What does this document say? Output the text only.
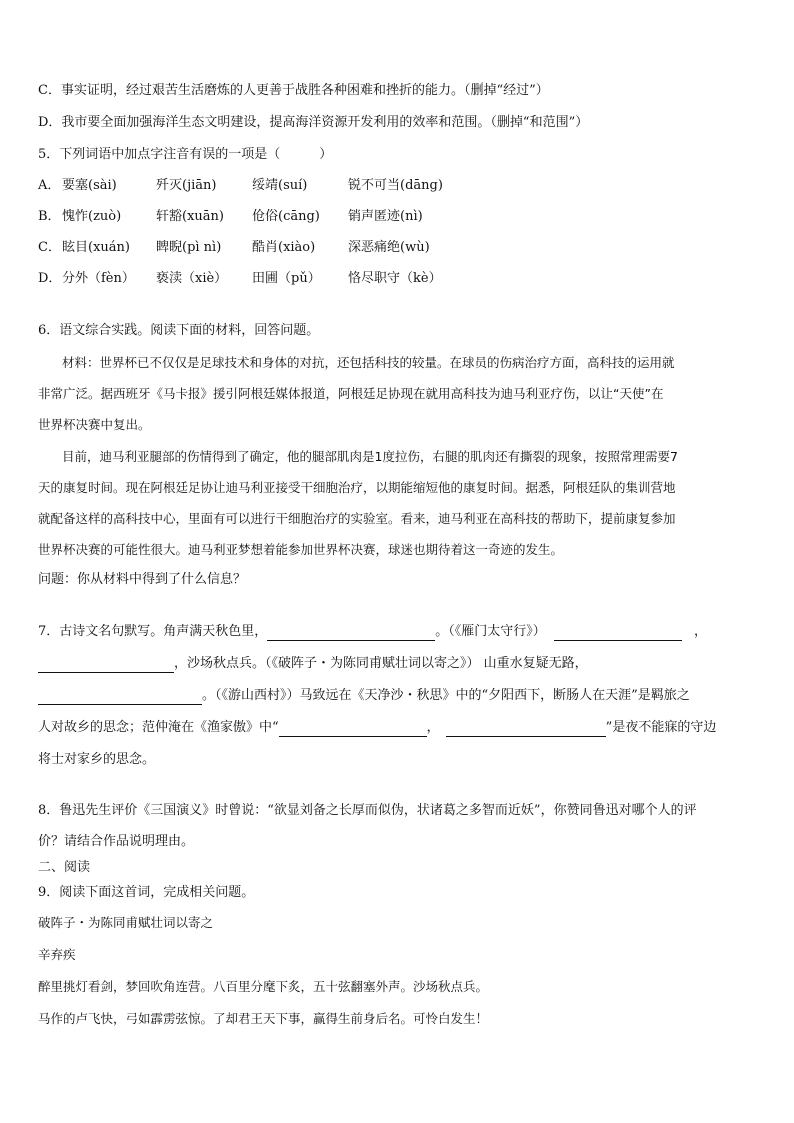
C．事实证明，经过艰苦生活磨炼的人更善于战胜各种困难和挫折的能力。（删掉“经过”）
D．我市要全面加强海洋生态文明建设，提高海洋资源开发利用的效率和范围。（删掉“和范围”）
5．下列词语中加点字注音有误的一项是（　　　）
A． 要塞(sài)	歼灭(jiān)	绥靖(suí)	锐不可当(dāng)
B．愧怍(zuò)	轩豁(xuān) 伧俗(cāng) 销声匿迹(nì)
C．眩目(xuán) 睥睨(pì nì) 酷肖(xiào)	深恶痛绝(wù)
D．分外（fèn） 亵渎（xiè） 田圃（pǔ） 恪尽职守（kè）
6．语文综合实践。阅读下面的材料，回答问题。
材料：世界杯已不仅仅是足球技术和身体的对抗，还包括科技的较量。在球员的伤病治疗方面，高科技的运用就
非常广泛。据西班牙《马卡报》援引阿根廷媒体报道，阿根廷足协现在就用高科技为迪马利亚疗伤，以让“天使”在
世界杯决赛中复出。
目前，迪马利亚腿部的伤情得到了确定，他的腿部肌肉是1度拉伤，右腿的肌肉还有撕裂的现象，按照常理需要7
天的康复时间。现在阿根廷足协让迪马利亚接受干细胞治疗，以期能缩短他的康复时间。据悉，阿根廷队的集训营地
就配备这样的高科技中心，里面有可以进行干细胞治疗的实验室。看来，迪马利亚在高科技的帮助下，提前康复参加
世界杯决赛的可能性很大。迪马利亚梦想着能参加世界杯决赛，球迷也期待着这一奇迹的发生。
问题：你从材料中得到了什么信息？
7．古诗文名句默写。角声满天秋色里，	。（《雁门太守行》）	，
，沙场秋点兵。（《破阵子・为陈同甫赋壮词以寄之》） 山重水复疑无路，
。（《游山西村》）马致远在《天净沙・秋思》中的“夕阳西下，断肠人在天涯”是羁旅之
人对故乡的思念；范仲淹在《渔家傲》中“	，	”是夜不能寐的守边
将士对家乡的思念。
8．鲁迅先生评价《三国演义》时曾说：“欲显刘备之长厚而似伪，状诸葛之多智而近妖”，你赞同鲁迅对哪个人的评
价？请结合作品说明理由。
二、阅读
9．阅读下面这首词，完成相关问题。
破阵子・为陈同甫赋壮词以寄之
辛弃疾
醉里挑灯看剑，梦回吹角连营。八百里分麾下炙，五十弦翻塞外声。沙场秋点兵。
马作的卢飞快，弓如霹雳弦惊。了却君王天下事，赢得生前身后名。可怜白发生！
